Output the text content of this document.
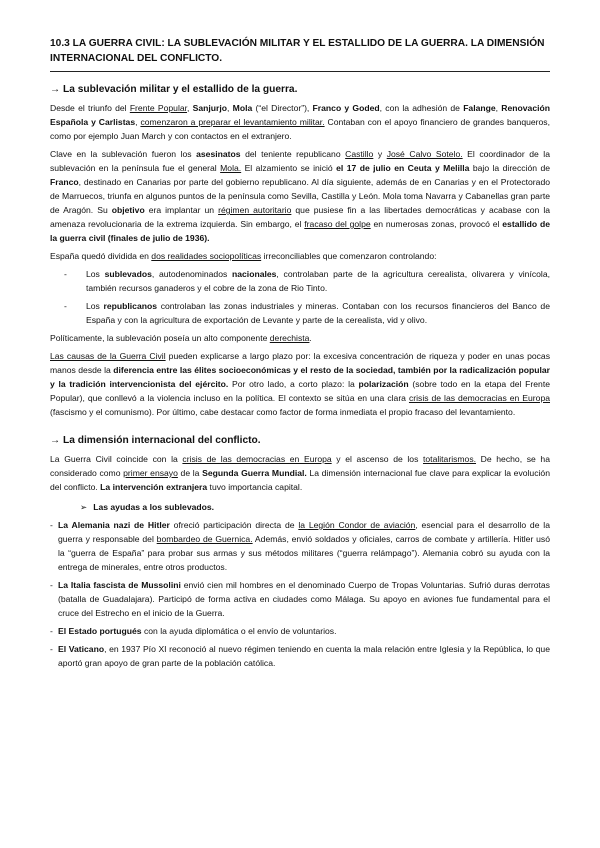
10.3 LA GUERRA CIVIL: LA SUBLEVACIÓN MILITAR Y EL ESTALLIDO DE LA GUERRA. LA DIMENSIÓN INTERNACIONAL DEL CONFLICTO.
→ La sublevación militar y el estallido de la guerra.

Desde el triunfo del Frente Popular, Sanjurjo, Mola (“el Director”), Franco y Goded, con la adhesión de Falange, Renovación Española y Carlistas, comenzaron a preparar el levantamiento militar. Contaban con el apoyo financiero de grandes banqueros, como por ejemplo Juan March y con contactos en el extranjero.

Clave en la sublevación fueron los asesinatos del teniente republicano Castillo y José Calvo Sotelo. El coordinador de la sublevación en la península fue el general Mola. El alzamiento se inició el 17 de julio en Ceuta y Melilla bajo la dirección de Franco, destinado en Canarias por parte del gobierno republicano. Al día siguiente, además de en Canarias y en el Protectorado de Marruecos, triunfa en algunos puntos de la península como Sevilla, Castilla y León. Mola toma Navarra y Cabanellas gran parte de Aragón. Su objetivo era implantar un régimen autoritario que pusiese fin a las libertades democráticas y acabase con la amenaza revolucionaria de la extrema izquierda. Sin embargo, el fracaso del golpe en numerosas zonas, provocó el estallido de la guerra civil (finales de julio de 1936).

España quedó dividida en dos realidades sociopolíticas irreconciliables que comenzaron controlando:

- Los sublevados, autodenominados nacionales, controlaban parte de la agricultura cerealista, olivarera y vinícola, también recursos ganaderos y el cobre de la zona de Rio Tinto.
- Los republicanos controlaban las zonas industriales y mineras. Contaban con los recursos financieros del Banco de España y con la agricultura de exportación de Levante y parte de la cerealista, vid y olivo.

Políticamente, la sublevación poseía un alto componente derechista.

Las causas de la Guerra Civil pueden explicarse a largo plazo por: la excesiva concentración de riqueza y poder en unas pocas manos desde la diferencia entre las élites socioeconómicas y el resto de la sociedad, también por la radicalización popular y la tradición intervencionista del ejército. Por otro lado, a corto plazo: la polarización (sobre todo en la etapa del Frente Popular), que conllevó a la violencia incluso en la política. El contexto se sitúa en una clara crisis de las democracias en Europa (fascismo y el comunismo). Por último, cabe destacar como factor de forma inmediata el propio fracaso del levantamiento.

→ La dimensión internacional del conflicto.

La Guerra Civil coincide con la crisis de las democracias en Europa y el ascenso de los totalitarismos. De hecho, se ha considerado como primer ensayo de la Segunda Guerra Mundial. La dimensión internacional fue clave para explicar la evolución del conflicto. La intervención extranjera tuvo importancia capital.

➢ Las ayudas a los sublevados.
- La Alemania nazi de Hitler ofreció participación directa de la Legión Condor de aviación, esencial para el desarrollo de la guerra y responsable del bombardeo de Guernica. Además, envió soldados y oficiales, carros de combate y artillería. Hitler usó la “guerra de España” para probar sus armas y sus métodos militares (“guerra relámpago”). Alemania cobró su ayuda con la entrega de minerales, entre otros productos.
- La Italia fascista de Mussolini envió cien mil hombres en el denominado Cuerpo de Tropas Voluntarias. Sufrió duras derrotas (batalla de Guadalajara). Participó de forma activa en ciudades como Málaga. Su apoyo en aviones fue fundamental para el cruce del Estrecho en el inicio de la Guerra.
- El Estado portugués con la ayuda diplomática o el envío de voluntarios.
- El Vaticano, en 1937 Pío XI reconoció al nuevo régimen teniendo en cuenta la mala relación entre Iglesia y la República, lo que aportó gran apoyo de gran parte de la población católica.
